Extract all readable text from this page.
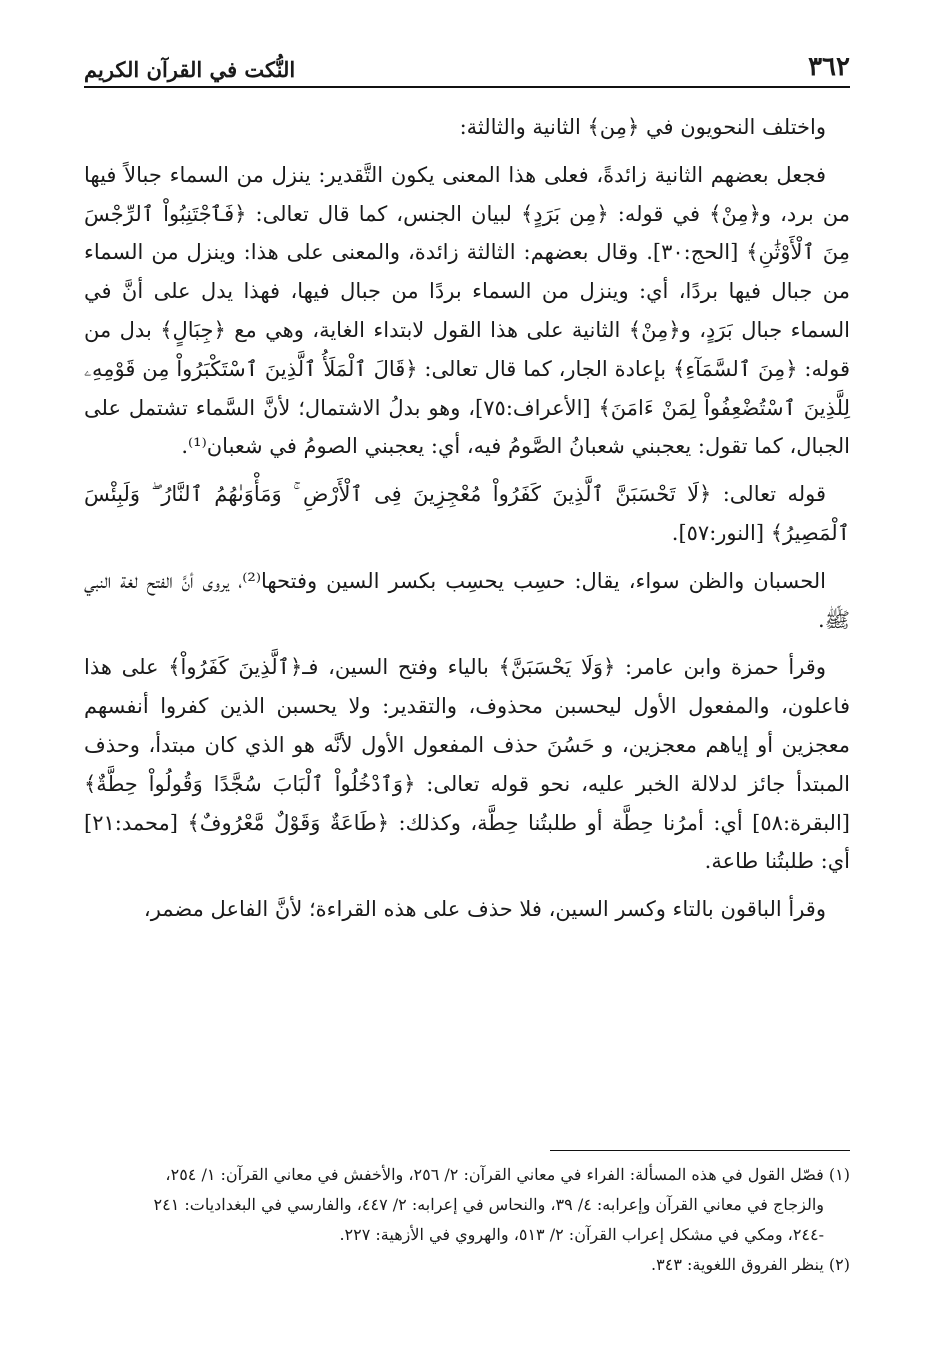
٣٦٢
النُّكت في القرآن الكريم

واختلف النحويون في ﴿مِن﴾ الثانية والثالثة:

فجعل بعضهم الثانية زائدةً، فعلى هذا المعنى يكون التَّقدير: ينزل من السماء جبالاً فيها من برد، و﴿مِنْ﴾ في قوله: ﴿مِن بَرَدٍ﴾ لبيان الجنس، كما قال تعالى: ﴿فَٱجْتَنِبُواْ ٱلرِّجْسَ مِنَ ٱلْأَوْثَٰنِ﴾ [الحج:٣٠]. وقال بعضهم: الثالثة زائدة، والمعنى على هذا: وينزل من السماء من جبال فيها بردًا، أي: وينزل من السماء بردًا من جبال فيها، فهذا يدل على أنَّ في السماء جبال بَرَدٍ، و﴿مِنْ﴾ الثانية على هذا القول لابتداء الغاية، وهي مع ﴿جِبَالٍ﴾ بدل من قوله: ﴿مِنَ ٱلسَّمَآءِ﴾ بإعادة الجار، كما قال تعالى: ﴿قَالَ ٱلْمَلَأُ ٱلَّذِينَ ٱسْتَكْبَرُواْ مِن قَوْمِهِۦ لِلَّذِينَ ٱسْتُضْعِفُواْ لِمَنْ ءَامَنَ﴾ [الأعراف:٧٥]، وهو بدلُ الاشتمال؛ لأنَّ السَّماء تشتمل على الجبال، كما تقول: يعجبني شعبانُ الصَّومُ فيه، أي: يعجبني الصومُ في شعبان⁽¹⁾.

قوله تعالى: ﴿لَا تَحْسَبَنَّ ٱلَّذِينَ كَفَرُواْ مُعْجِزِينَ فِى ٱلْأَرْضِ ۚ وَمَأْوَىٰهُمُ ٱلنَّارُ ۖ وَلَبِئْسَ ٱلْمَصِيرُ﴾ [النور:٥٧].

الحسبان والظن سواء، يقال: حسِب يحسِب بكسر السين وفتحها⁽²⁾، يروى أنَّ الفتح لغة النبي ﷺ.

وقرأ حمزة وابن عامر: ﴿وَلَا يَحْسَبَنَّ﴾ بالياء وفتح السين، فـ﴿ٱلَّذِينَ كَفَرُواْ﴾ على هذا فاعلون، والمفعول الأول ليحسبن محذوف، والتقدير: ولا يحسبن الذين كفروا أنفسهم معجزين أو إياهم معجزين، و حَسُنَ حذف المفعول الأول لأنَّه هو الذي كان مبتدأ، وحذف المبتدأ جائز لدلالة الخبر عليه، نحو قوله تعالى: ﴿وَٱدْخُلُواْ ٱلْبَابَ سُجَّدًا وَقُولُواْ حِطَّةٌ﴾ [البقرة:٥٨] أي: أمرُنا حِطَّة أو طلبتُنا حِطَّة، وكذلك: ﴿طَاعَةٌ وَقَوْلٌ مَّعْرُوفٌ﴾ [محمد:٢١] أي: طلبتُنا طاعة.

وقرأ الباقون بالتاء وكسر السين، فلا حذف على هذه القراءة؛ لأنَّ الفاعل مضمر،

(١) فصّل القول في هذه المسألة: الفراء في معاني القرآن: ٢/ ٢٥٦، والأخفش في معاني القرآن: ١/ ٢٥٤،

والزجاج في معاني القرآن وإعرابه: ٤/ ٣٩، والنحاس في إعرابه: ٢/ ٤٤٧، والفارسي في البغداديات: ٢٤١

-٢٤٤، ومكي في مشكل إعراب القرآن: ٢/ ٥١٣، والهروي في الأزهية: ٢٢٧.

(٢) ينظر الفروق اللغوية: ٣٤٣.
